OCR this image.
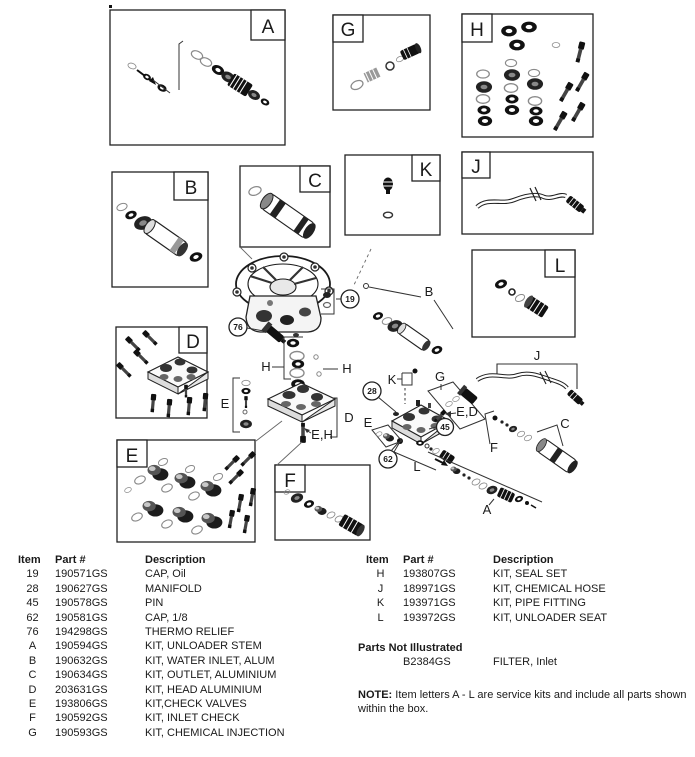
A	G	H
B	C
K J
L
D
E
F
19
76
H	H
D
E,H
E
28
62
45
K	G
E,D
E
L
B
J
F
C
A
Item	Part #	Description
19	190571GS	CAP, Oil
28	190627GS	MANIFOLD
45	190578GS	PIN
62	190581GS	CAP, 1/8
76	194298GS	THERMO RELIEF
A	190594GS	KIT, UNLOADER STEM
B	190632GS	KIT, WATER INLET, ALUM
C	190634GS	KIT, OUTLET, ALUMINIUM
D	203631GS	KIT, HEAD ALUMINIUM
E	193806GS	KIT,CHECK VALVES
F	190592GS	KIT, INLET CHECK
G	190593GS	KIT, CHEMICAL INJECTION
Item	Part #	Description
H	193807GS	KIT, SEAL SET
J	189971GS	KIT, CHEMICAL HOSE
K	193971GS	KIT, PIPE FITTING
L	193972GS	KIT, UNLOADER SEAT
Parts Not Illustrated
B2384GS	FILTER, Inlet
NOTE: Item letters A - L are service kits and include all parts shown within the box.
